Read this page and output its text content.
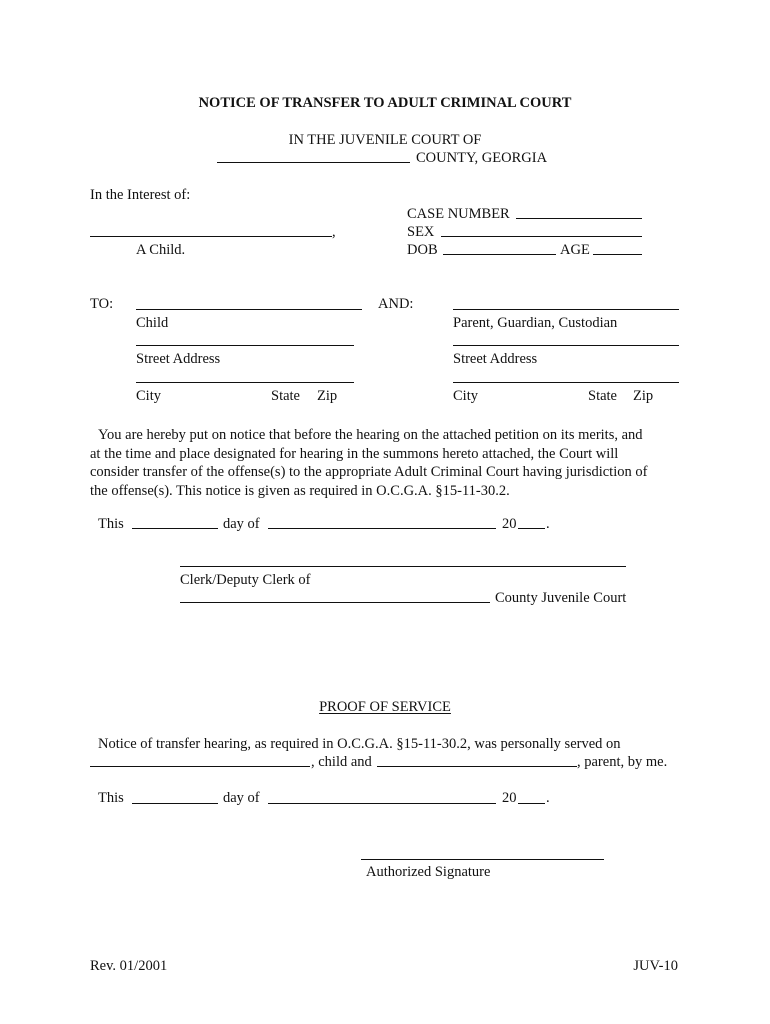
NOTICE OF TRANSFER TO ADULT CRIMINAL COURT
IN THE JUVENILE COURT OF
COUNTY, GEORGIA
In the Interest of:
,
A Child.
CASE NUMBER
SEX
DOB	AGE
TO:
Child
AND:
Parent, Guardian, Custodian
Street Address	Street Address
City	State Zip	City	State Zip
You are hereby put on notice that before the hearing on the attached petition on its merits, and
at the time and place designated for hearing in the summons hereto attached, the Court will
consider transfer of the offense(s) to the appropriate Adult Criminal Court having jurisdiction of
the offense(s). This notice is given as required in O.C.G.A. §15-11-30.2.
This	day of	20 .
Clerk/Deputy Clerk of
County Juvenile Court
PROOF OF SERVICE
Notice of transfer hearing, as required in O.C.G.A. §15-11-30.2, was personally served on
, child and	, parent, by me.
This	day of	20 .
Authorized Signature
Rev. 01/2001	JUV-10
